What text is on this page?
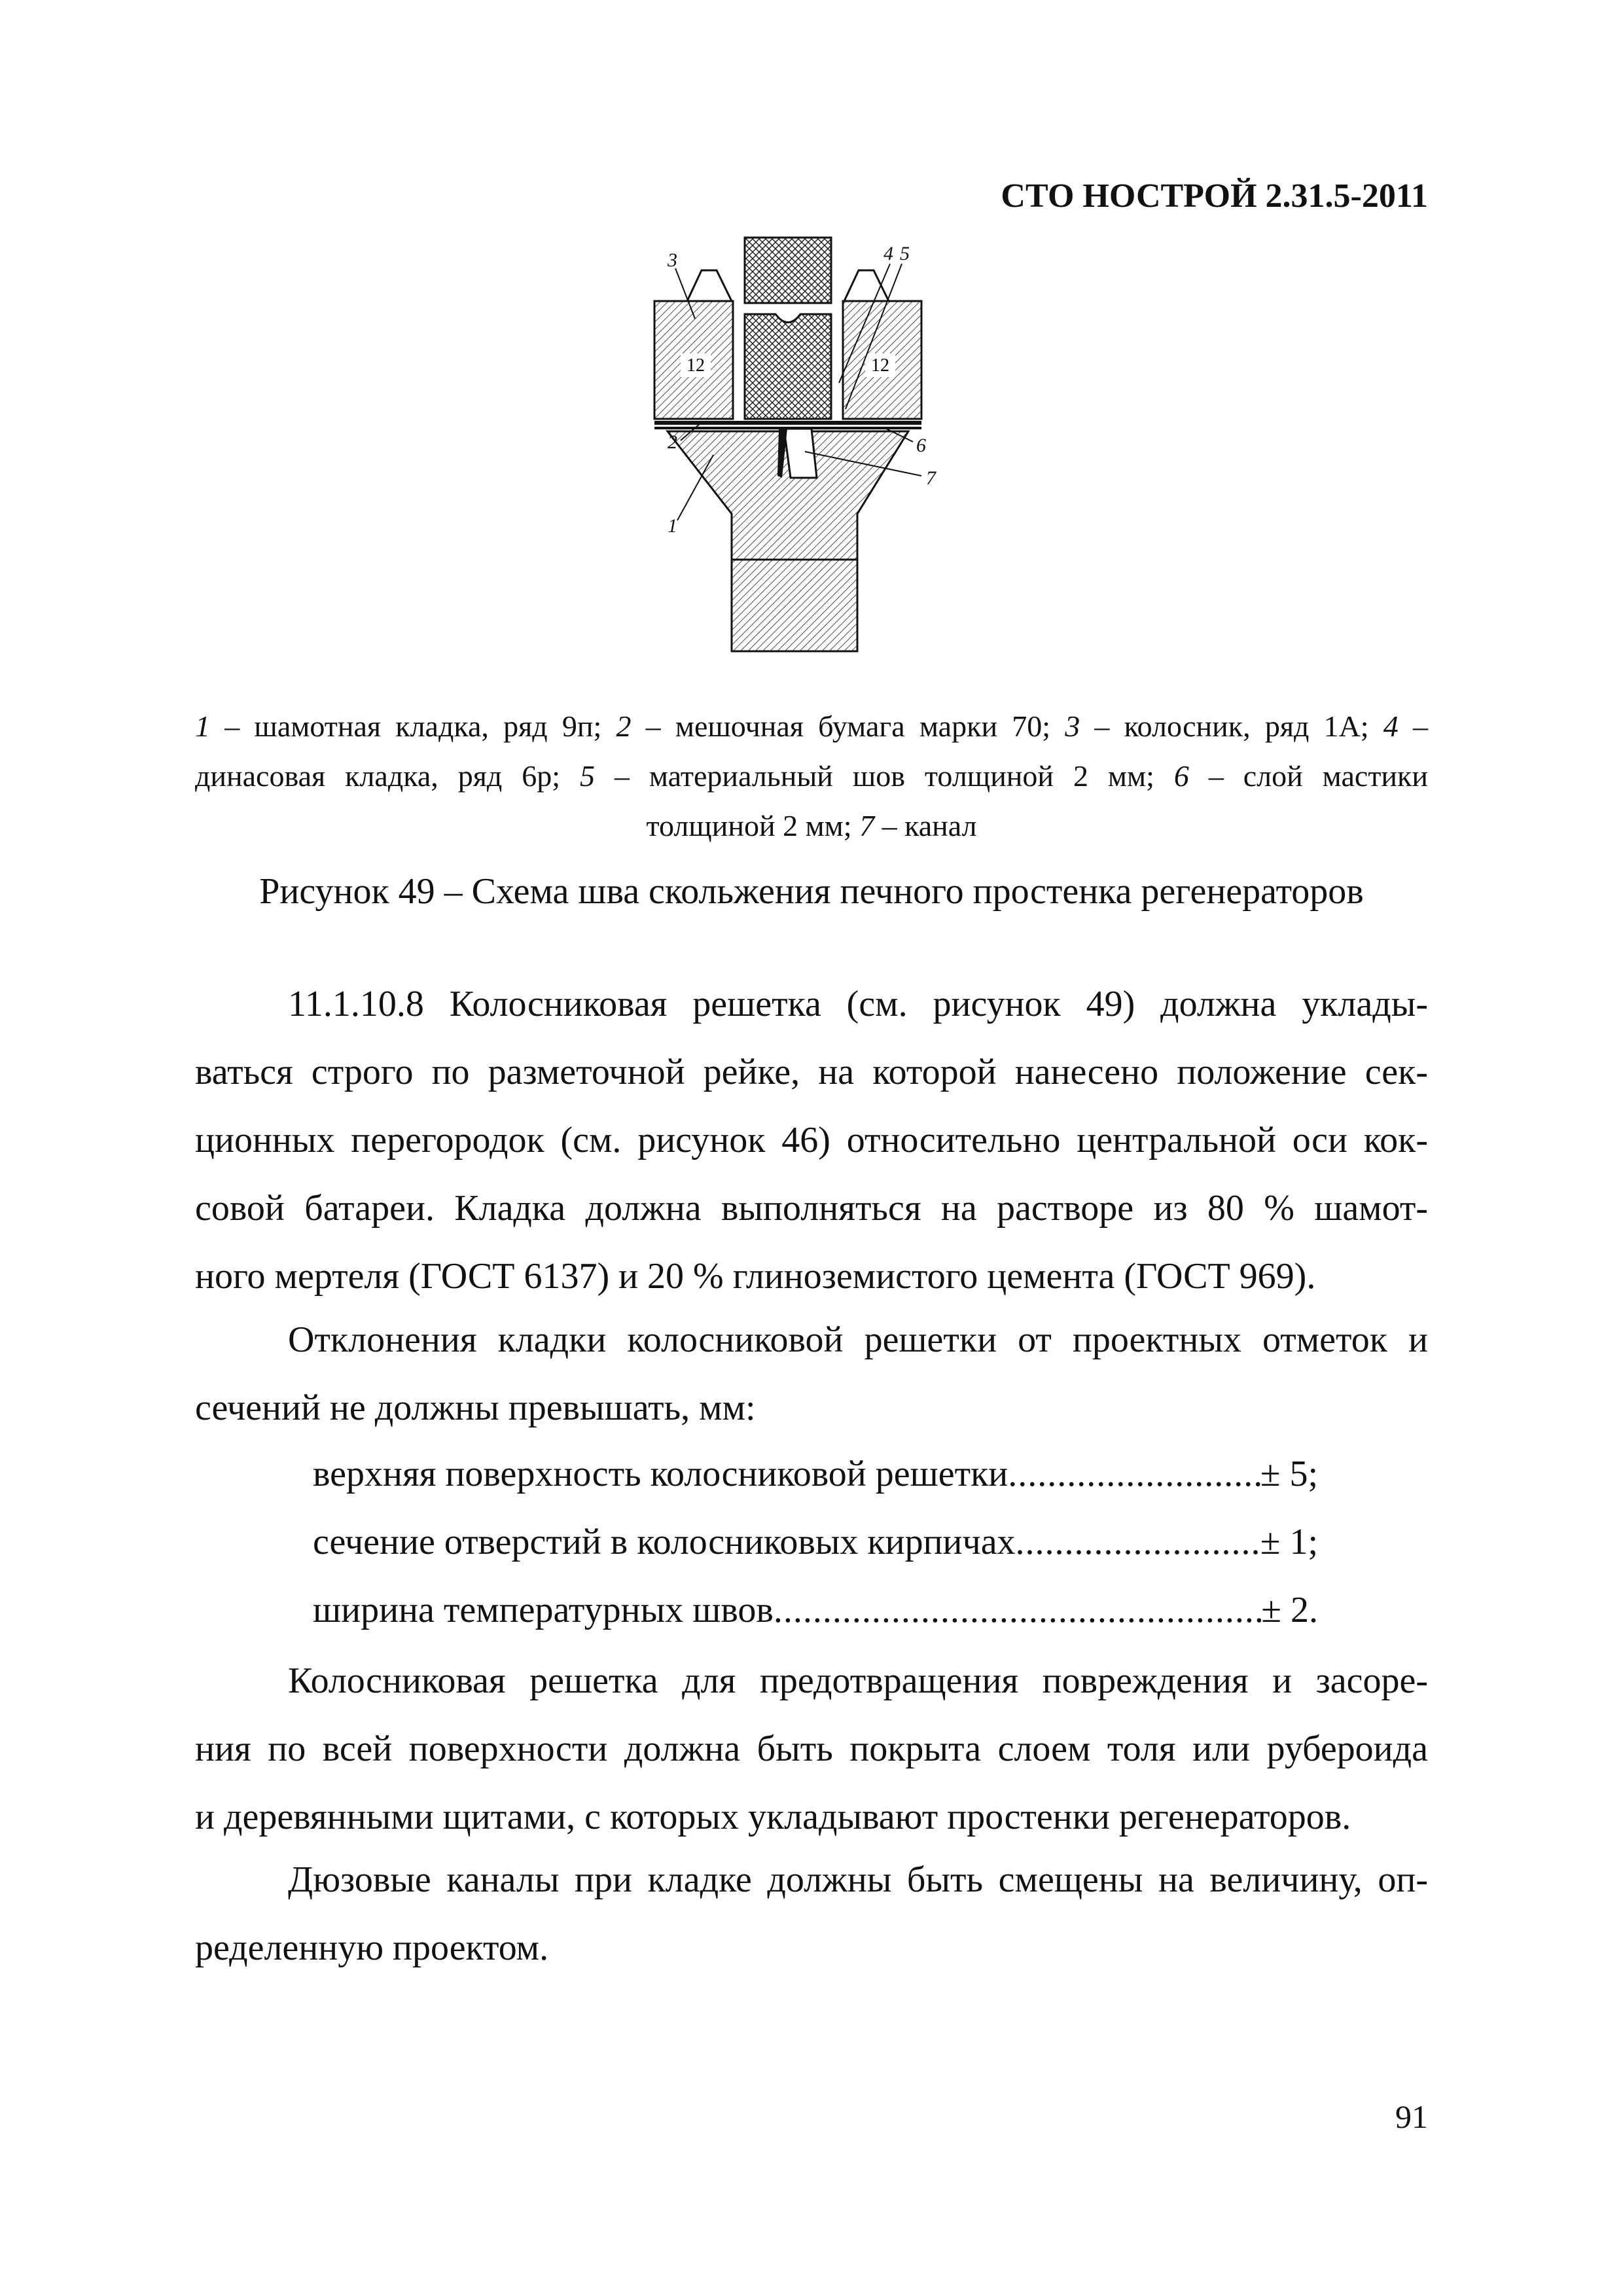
СТО НОСТРОЙ 2.31.5-2011
12	12
3	4 5
2	6
7
1
1 – шамотная кладка, ряд 9п; 2 – мешочная бумага марки 70; 3 – колосник, ряд 1А; 4 –
динасовая кладка, ряд 6р; 5 – материальный шов толщиной 2 мм; 6 – слой мастики
толщиной 2 мм; 7 – канал
Рисунок 49 – Схема шва скольжения печного простенка регенераторов
11.1.10.8 Колосниковая решетка (см. рисунок 49) должна уклады-
ваться строго по разметочной рейке, на которой нанесено положение сек-
ционных перегородок (см. рисунок 46) относительно центральной оси кок-
совой батареи. Кладка должна выполняться на растворе из 80 % шамот-
ного мертеля (ГОСТ 6137) и 20 % глиноземистого цемента (ГОСТ 969).
Отклонения кладки колосниковой решетки от проектных отметок и
сечений не должны превышать, мм:
верхняя поверхность колосниковой решетки .....	± 5;
сечение отверстий в колосниковых кирпичах .....	± 1;
ширина температурных швов .....	± 2.
Колосниковая решетка для предотвращения повреждения и засоре-
ния по всей поверхности должна быть покрыта слоем толя или рубероида
и деревянными щитами, с которых укладывают простенки регенераторов.
Дюзовые каналы при кладке должны быть смещены на величину, оп-
ределенную проектом.
91
